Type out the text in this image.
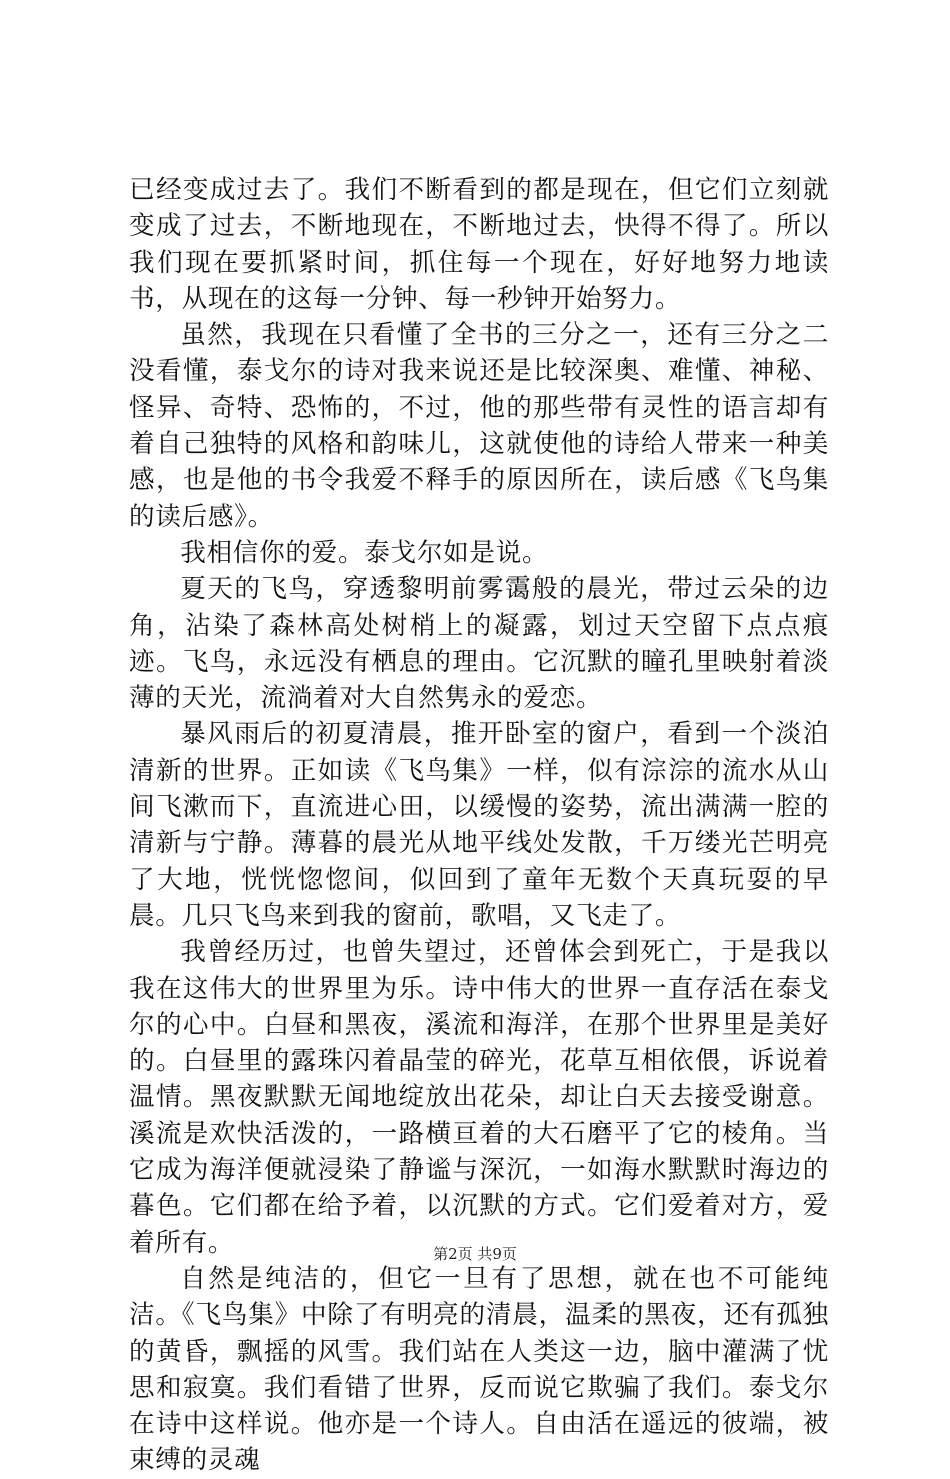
已经变成过去了。我们不断看到的都是现在，但它们立刻就变成了过去，不断地现在，不断地过去，快得不得了。所以我们现在要抓紧时间，抓住每一个现在，好好地努力地读书，从现在的这每一分钟、每一秒钟开始努力。

虽然，我现在只看懂了全书的三分之一，还有三分之二没看懂，泰戈尔的诗对我来说还是比较深奥、难懂、神秘、怪异、奇特、恐怖的，不过，他的那些带有灵性的语言却有着自己独特的风格和韵味儿，这就使他的诗给人带来一种美感，也是他的书令我爱不释手的原因所在，读后感《飞鸟集的读后感》。

我相信你的爱。泰戈尔如是说。

夏天的飞鸟，穿透黎明前雾霭般的晨光，带过云朵的边角，沾染了森林高处树梢上的凝露，划过天空留下点点痕迹。飞鸟，永远没有栖息的理由。它沉默的瞳孔里映射着淡薄的天光，流淌着对大自然隽永的爱恋。

暴风雨后的初夏清晨，推开卧室的窗户，看到一个淡泊清新的世界。正如读《飞鸟集》一样，似有淙淙的流水从山间飞漱而下，直流进心田，以缓慢的姿势，流出满满一腔的清新与宁静。薄暮的晨光从地平线处发散，千万缕光芒明亮了大地，恍恍惚惚间，似回到了童年无数个天真玩耍的早晨。几只飞鸟来到我的窗前，歌唱，又飞走了。

我曾经历过，也曾失望过，还曾体会到死亡，于是我以我在这伟大的世界里为乐。诗中伟大的世界一直存活在泰戈尔的心中。白昼和黑夜，溪流和海洋，在那个世界里是美好的。白昼里的露珠闪着晶莹的碎光，花草互相依偎，诉说着温情。黑夜默默无闻地绽放出花朵，却让白天去接受谢意。溪流是欢快活泼的，一路横亘着的大石磨平了它的棱角。当它成为海洋便就浸染了静谧与深沉，一如海水默默时海边的暮色。它们都在给予着，以沉默的方式。它们爱着对方，爱着所有。

自然是纯洁的，但它一旦有了思想，就在也不可能纯洁。《飞鸟集》中除了有明亮的清晨，温柔的黑夜，还有孤独的黄昏，飘摇的风雪。我们站在人类这一边，脑中灌满了忧思和寂寞。我们看错了世界，反而说它欺骗了我们。泰戈尔在诗中这样说。他亦是一个诗人。自由活在遥远的彼端，被束缚的灵魂

第2页 共9页
